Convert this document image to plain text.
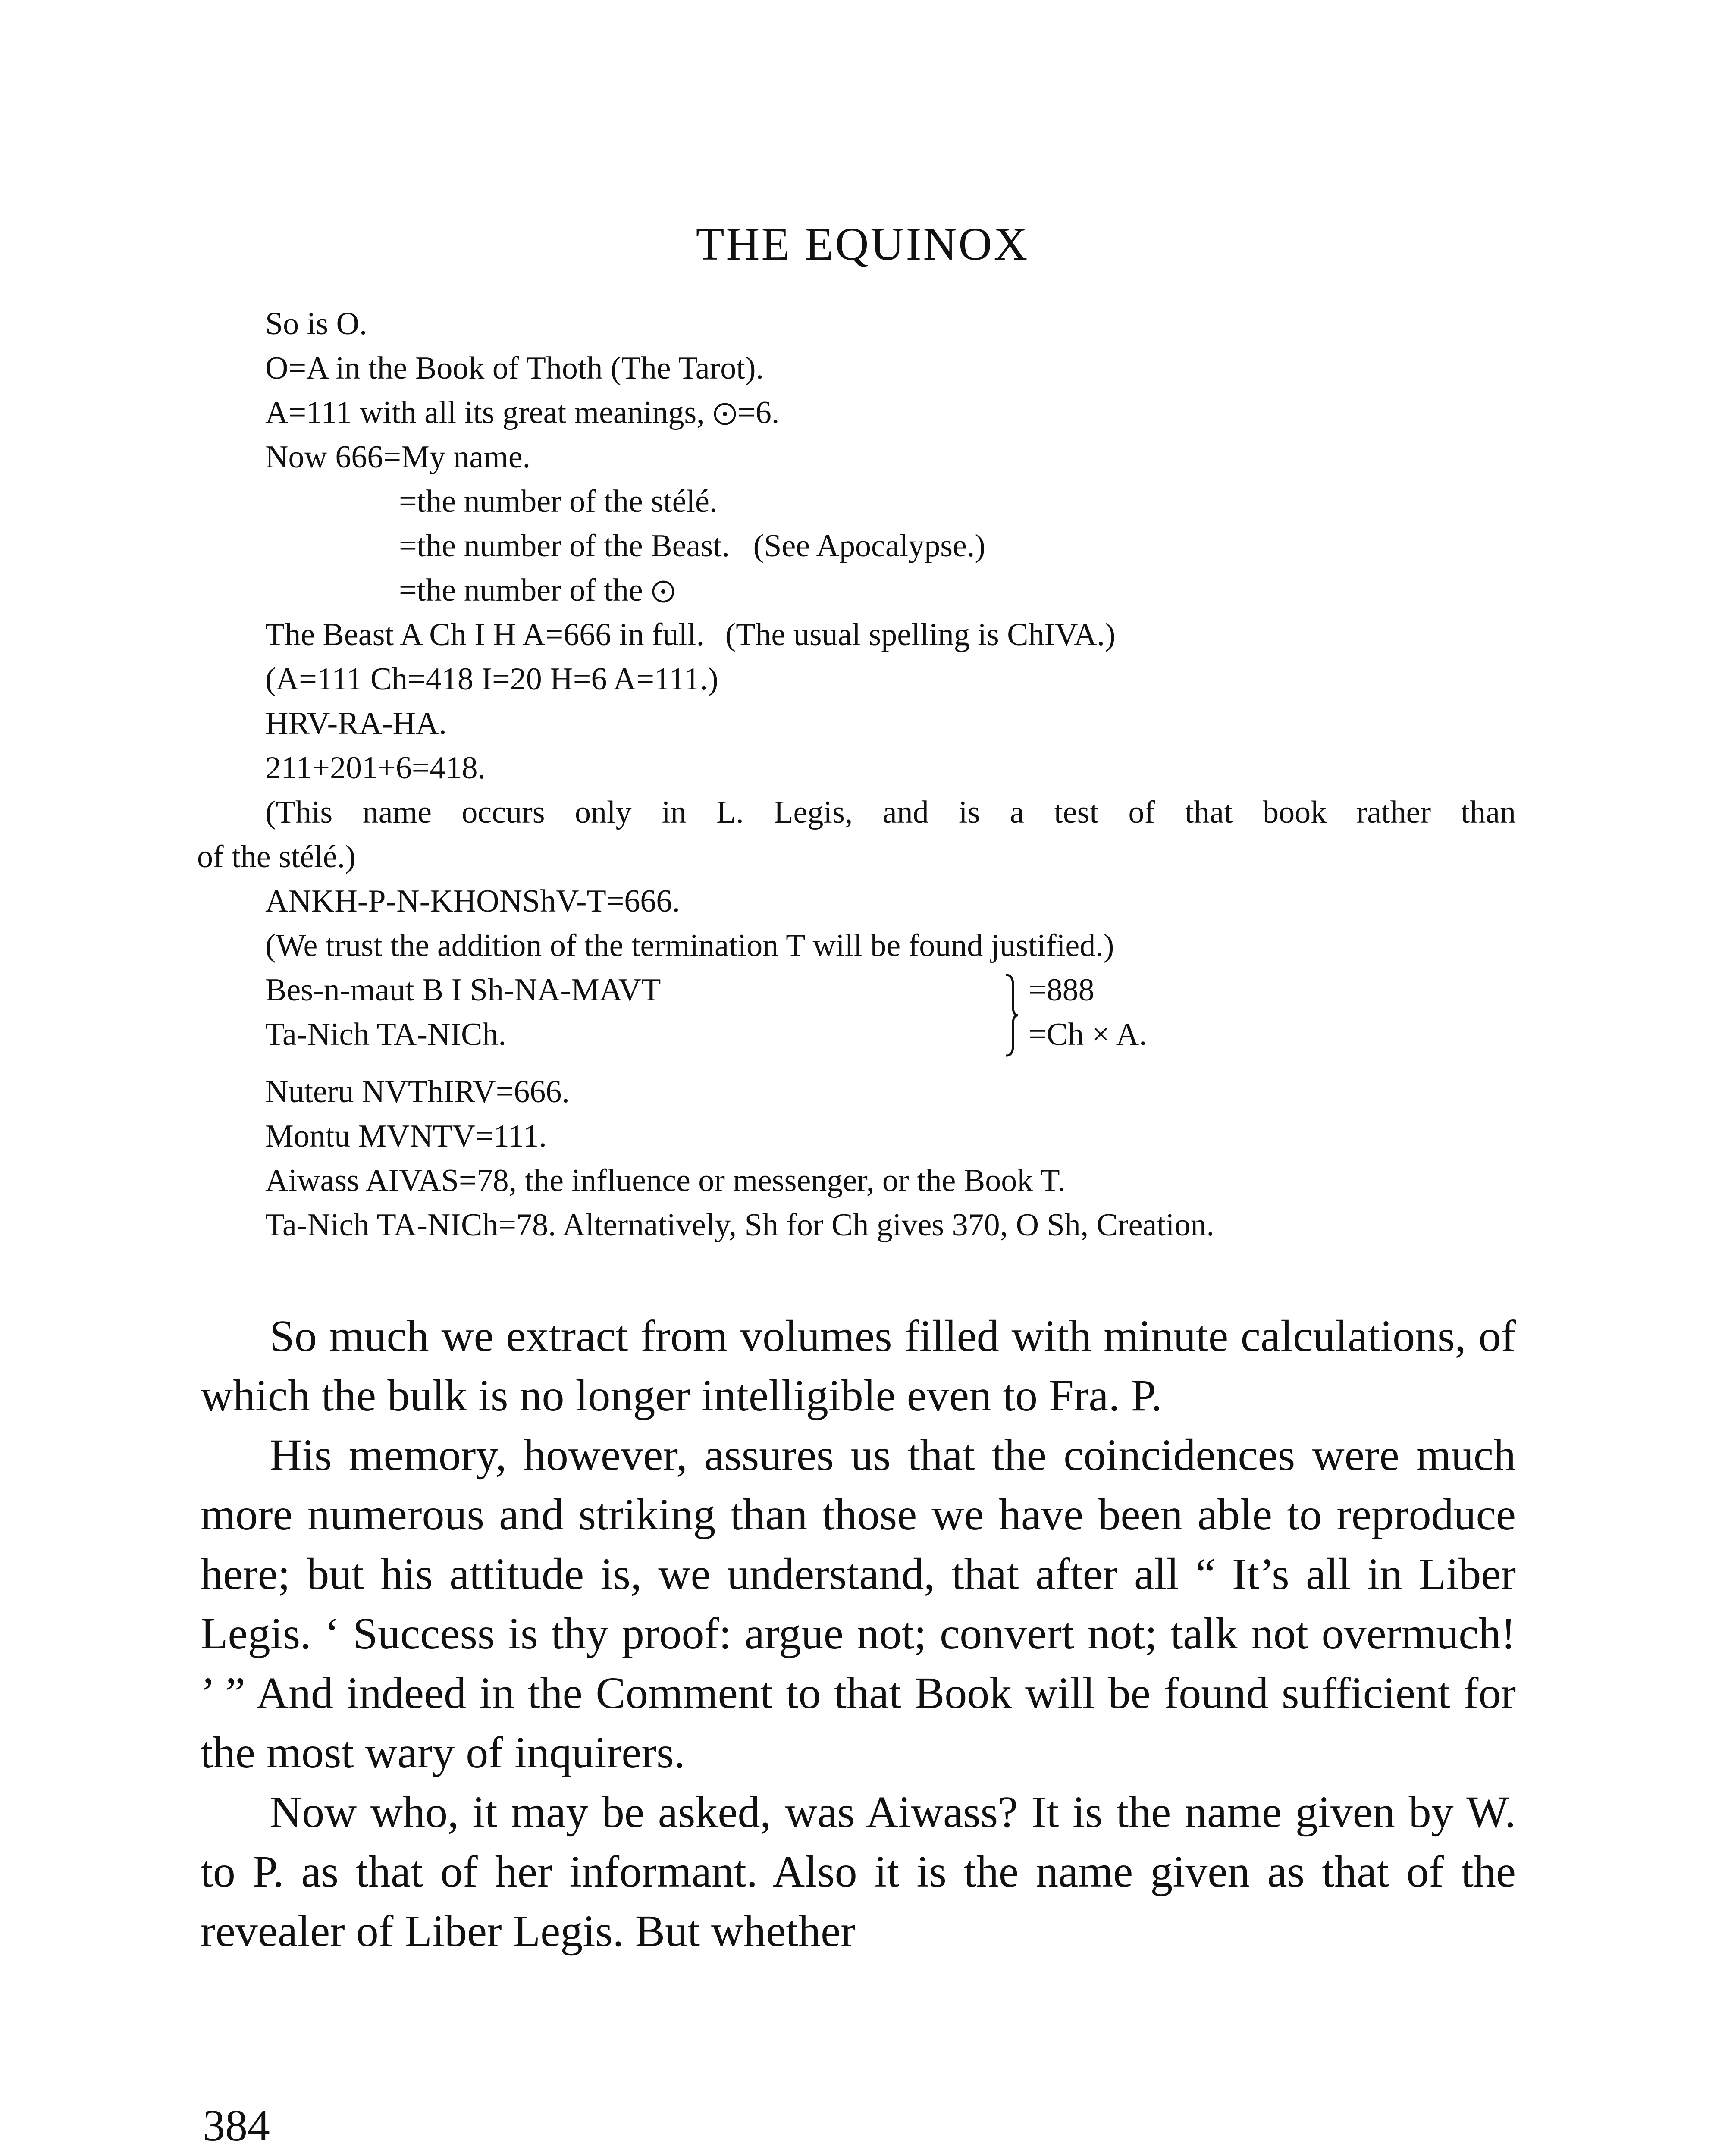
THE EQUINOX
So is O.
O=A in the Book of Thoth (The Tarot).
A=111 with all its great meanings, =6.
Now 666=My name.
=the number of the stélé.
=the number of the Beast. (See Apocalypse.)
=the number of the
The Beast A Ch I H A=666 in full. (The usual spelling is ChIVA.)
(A=111 Ch=418 I=20 H=6 A=111.)
HRV-RA-HA.
211+201+6=418.
(This name occurs only in L. Legis, and is a test of that book rather than
of the stélé.)
ANKH-P-N-KHONShV-T=666.
(We trust the addition of the termination T will be found justified.)
Bes-n-maut B I Sh-NA-MAVT
Ta-Nich TA-NICh.
=888
=Ch × A.
Nuteru NVThIRV=666.
Montu MVNTV=111.
Aiwass AIVAS=78, the influence or messenger, or the Book T.
Ta-Nich TA-NICh=78. Alternatively, Sh for Ch gives 370, O Sh, Creation.

So much we extract from volumes filled with minute calculations, of which the bulk is no longer intelligible even to Fra. P.

His memory, however, assures us that the coincidences were much more numerous and striking than those we have been able to reproduce here; but his attitude is, we understand, that after all “ It’s all in Liber Legis. ‘ Success is thy proof: argue not; convert not; talk not overmuch! ’ ” And indeed in the Comment to that Book will be found sufficient for the most wary of inquirers.

Now who, it may be asked, was Aiwass? It is the name given by W. to P. as that of her informant. Also it is the name given as that of the revealer of Liber Legis. But whether

384
